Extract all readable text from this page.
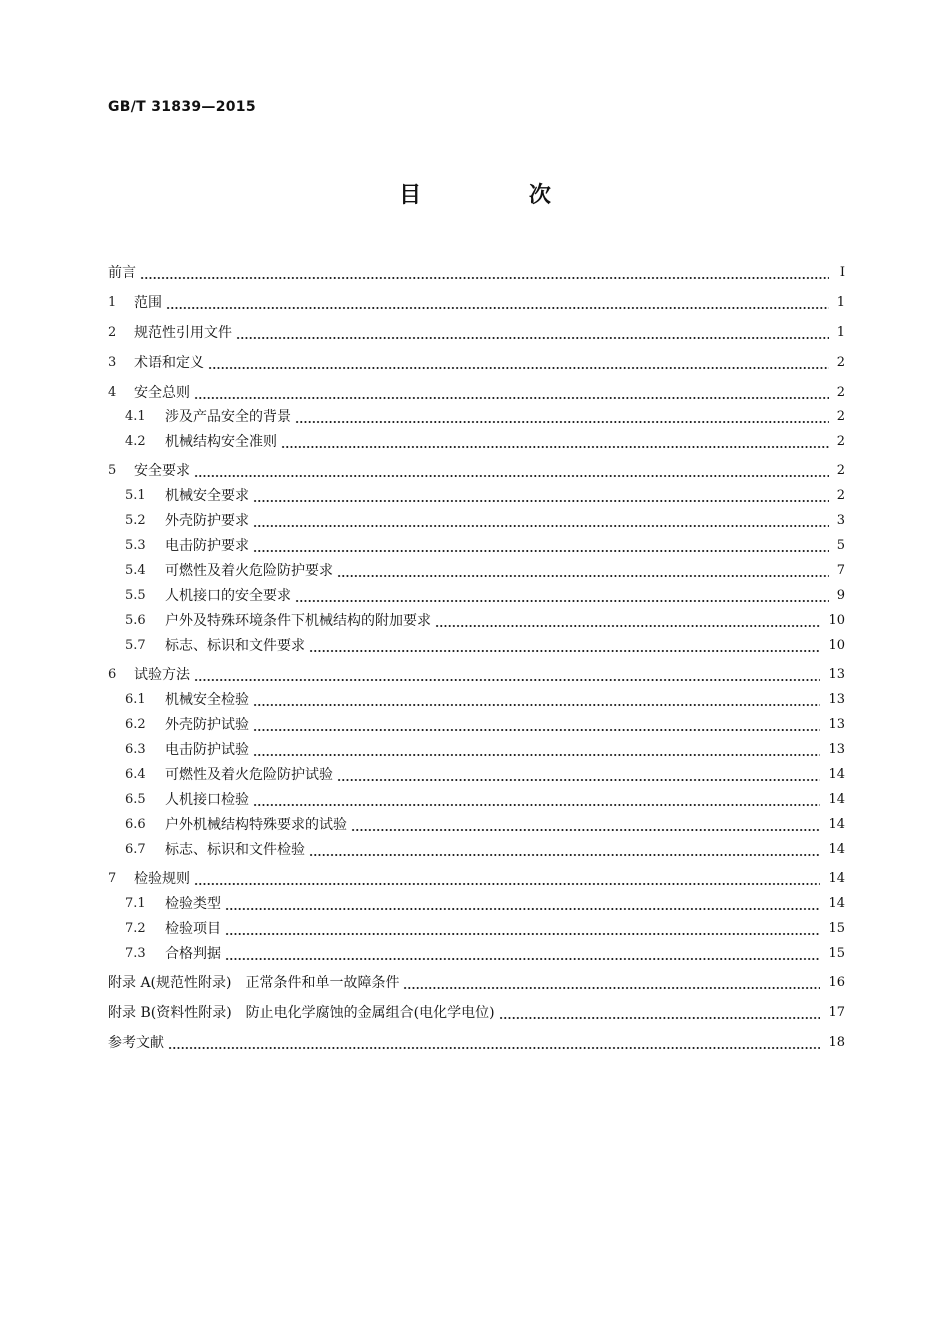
GB/T 31839—2015
目 次
前言	Ⅰ
1	范围	1
2	规范性引用文件	1
3	术语和定义	2
4	安全总则	2
4.1	涉及产品安全的背景	2
4.2	机械结构安全准则	2
5	安全要求	2
5.1	机械安全要求	2
5.2	外壳防护要求	3
5.3	电击防护要求	5
5.4	可燃性及着火危险防护要求	7
5.5	人机接口的安全要求	9
5.6	户外及特殊环境条件下机械结构的附加要求	10
5.7	标志、标识和文件要求	10
6	试验方法	13
6.1	机械安全检验	13
6.2	外壳防护试验	13
6.3	电击防护试验	13
6.4	可燃性及着火危险防护试验	14
6.5	人机接口检验	14
6.6	户外机械结构特殊要求的试验	14
6.7	标志、标识和文件检验	14
7	检验规则	14
7.1	检验类型	14
7.2	检验项目	15
7.3	合格判据	15
附录 A(规范性附录)　正常条件和单一故障条件	16
附录 B(资料性附录)　防止电化学腐蚀的金属组合(电化学电位)	17
参考文献	18
